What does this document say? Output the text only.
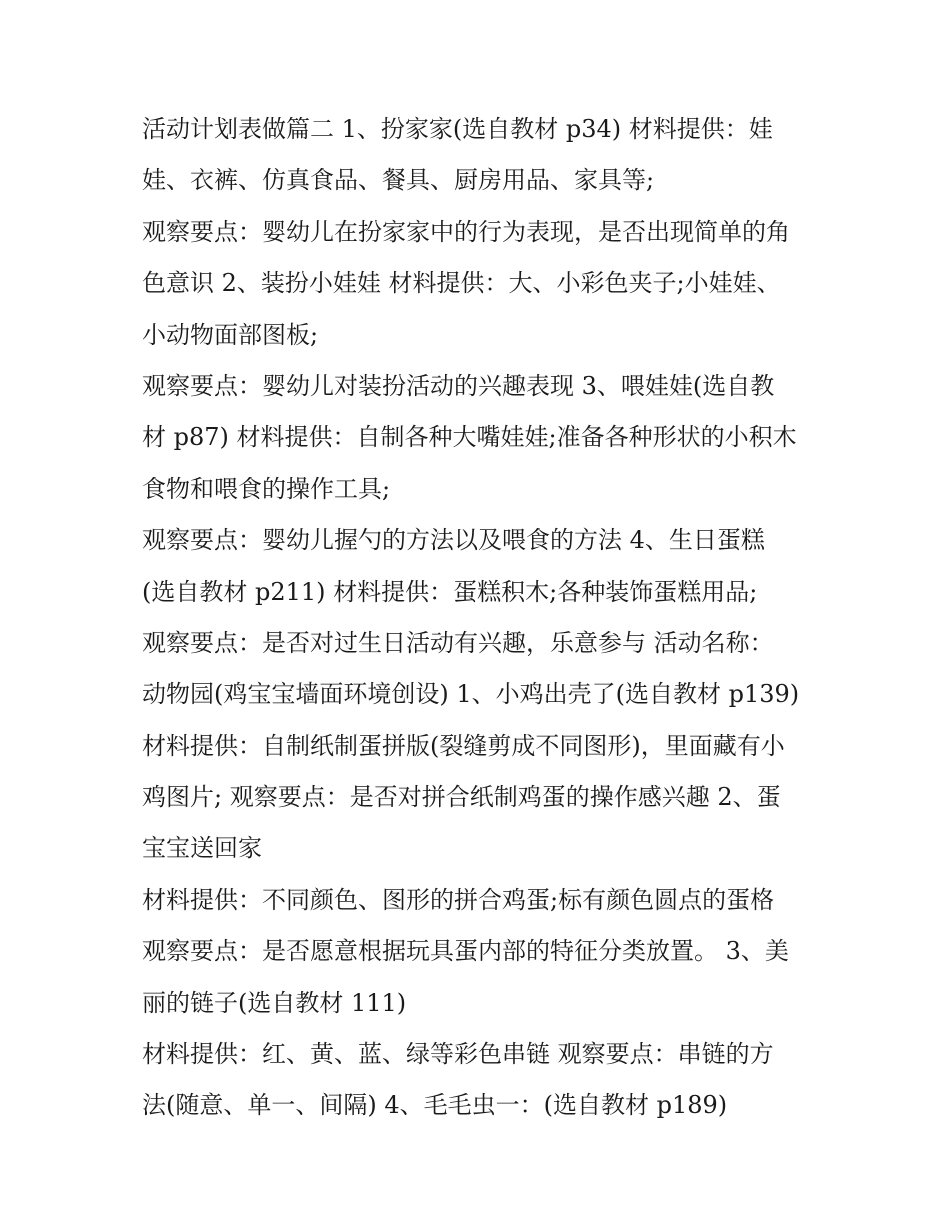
活动计划表做篇二 1、扮家家(选自教材 p34) 材料提供：娃
娃、衣裤、仿真食品、餐具、厨房用品、家具等;
观察要点：婴幼儿在扮家家中的行为表现，是否出现简单的角
色意识 2、装扮小娃娃 材料提供：大、小彩色夹子;小娃娃、
小动物面部图板;
观察要点：婴幼儿对装扮活动的兴趣表现 3、喂娃娃(选自教
材 p87) 材料提供：自制各种大嘴娃娃;准备各种形状的小积木
食物和喂食的操作工具;
观察要点：婴幼儿握勺的方法以及喂食的方法 4、生日蛋糕
(选自教材 p211) 材料提供：蛋糕积木;各种装饰蛋糕用品;
观察要点：是否对过生日活动有兴趣，乐意参与 活动名称：
动物园(鸡宝宝墙面环境创设) 1、小鸡出壳了(选自教材 p139)
材料提供：自制纸制蛋拼版(裂缝剪成不同图形)，里面藏有小
鸡图片; 观察要点：是否对拼合纸制鸡蛋的操作感兴趣 2、蛋
宝宝送回家
材料提供：不同颜色、图形的拼合鸡蛋;标有颜色圆点的蛋格
观察要点：是否愿意根据玩具蛋内部的特征分类放置。 3、美
丽的链子(选自教材 111)
材料提供：红、黄、蓝、绿等彩色串链 观察要点：串链的方
法(随意、单一、间隔) 4、毛毛虫一：(选自教材 p189)
